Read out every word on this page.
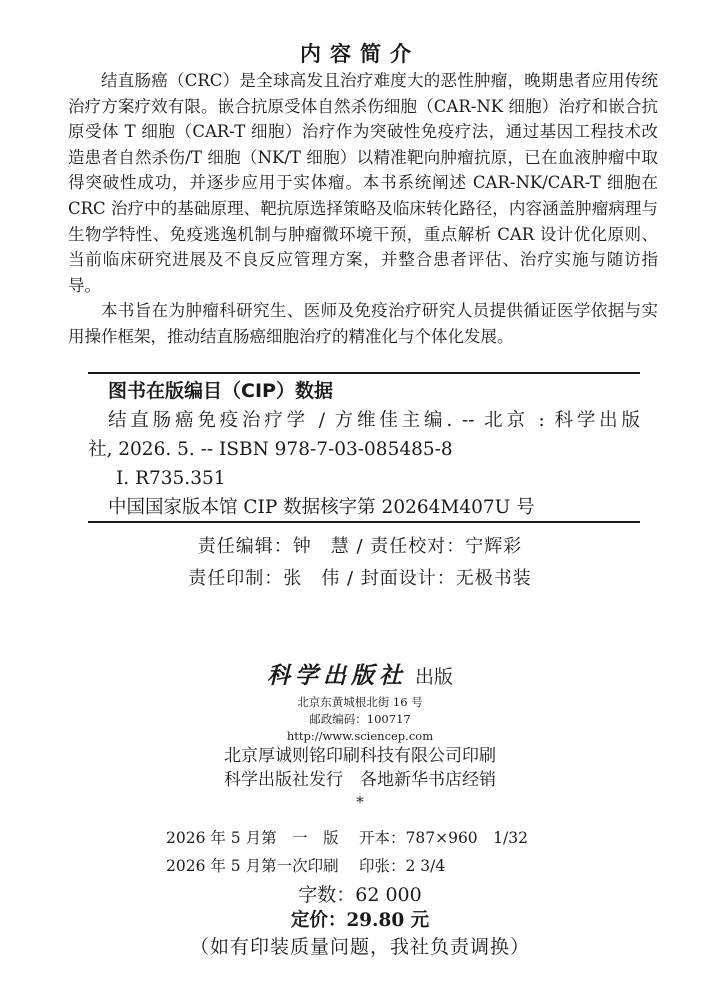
内容简介

结直肠癌（CRC）是全球高发且治疗难度大的恶性肿瘤，晚期患者应用传统治疗方案疗效有限。嵌合抗原受体自然杀伤细胞（CAR-NK 细胞）治疗和嵌合抗原受体 T 细胞（CAR-T 细胞）治疗作为突破性免疫疗法，通过基因工程技术改造患者自然杀伤/T 细胞（NK/T 细胞）以精准靶向肿瘤抗原，已在血液肿瘤中取得突破性成功，并逐步应用于实体瘤。本书系统阐述 CAR-NK/CAR-T 细胞在 CRC 治疗中的基础原理、靶抗原选择策略及临床转化路径，内容涵盖肿瘤病理与生物学特性、免疫逃逸机制与肿瘤微环境干预，重点解析 CAR 设计优化原则、当前临床研究进展及不良反应管理方案，并整合患者评估、治疗实施与随访指导。

本书旨在为肿瘤科研究生、医师及免疫治疗研究人员提供循证医学依据与实用操作框架，推动结直肠癌细胞治疗的精准化与个体化发展。

图书在版编目（CIP）数据
结直肠癌免疫治疗学 / 方维佳主编. -- 北京 : 科学出版
社, 2026. 5. -- ISBN 978-7-03-085485-8
Ⅰ. R735.351
中国国家版本馆 CIP 数据核字第 20264M407U 号
责任编辑：钟　慧 / 责任校对：宁辉彩
责任印制：张　伟 / 封面设计：无极书装
科学出版社 出版
北京东黄城根北街 16 号
邮政编码：100717
http://www.sciencep.com
北京厚诚则铭印刷科技有限公司印刷
科学出版社发行　各地新华书店经销
*
2026 年 5 月第　一　版　 开本：787×960　1/32
2026 年 5 月第一次印刷　 印张：2 3/4
字数：62 000
定价：29.80 元
（如有印装质量问题，我社负责调换）
